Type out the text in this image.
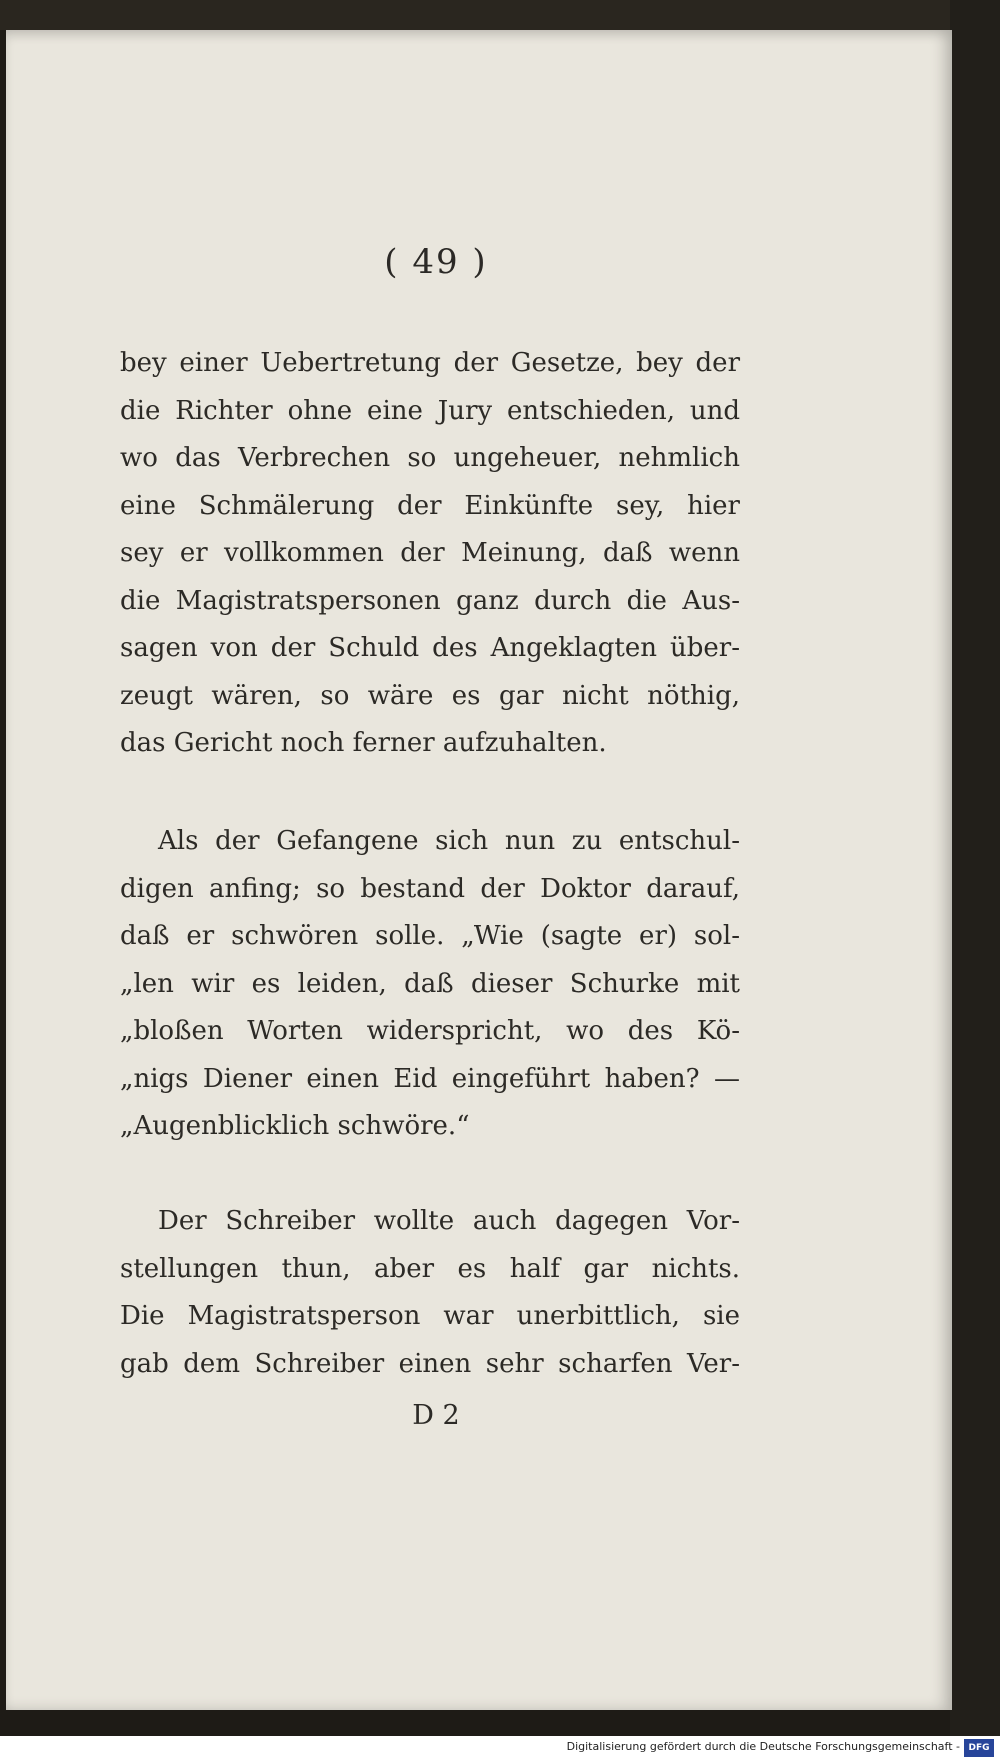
( 49 )
bey einer Uebertretung der Gesetze, bey der
die Richter ohne eine Jury entschieden, und
wo das Verbrechen so ungeheuer, nehmlich
eine Schmälerung der Einkünfte sey, hier
sey er vollkommen der Meinung, daß wenn
die Magistratspersonen ganz durch die Aus-
sagen von der Schuld des Angeklagten über-
zeugt wären, so wäre es gar nicht nöthig,
das Gericht noch ferner aufzuhalten.
Als der Gefangene sich nun zu entschul-
digen anfing; so bestand der Doktor darauf,
daß er schwören solle. „Wie (sagte er) sol-
„len wir es leiden, daß dieser Schurke mit
„bloßen Worten widerspricht, wo des Kö-
„nigs Diener einen Eid eingeführt haben? —
„Augenblicklich schwöre.“
Der Schreiber wollte auch dagegen Vor-
stellungen thun, aber es half gar nichts.
Die Magistratsperson war unerbittlich, sie
gab dem Schreiber einen sehr scharfen Ver-
D 2
Digitalisierung gefördert durch die Deutsche Forschungsgemeinschaft - DFG
